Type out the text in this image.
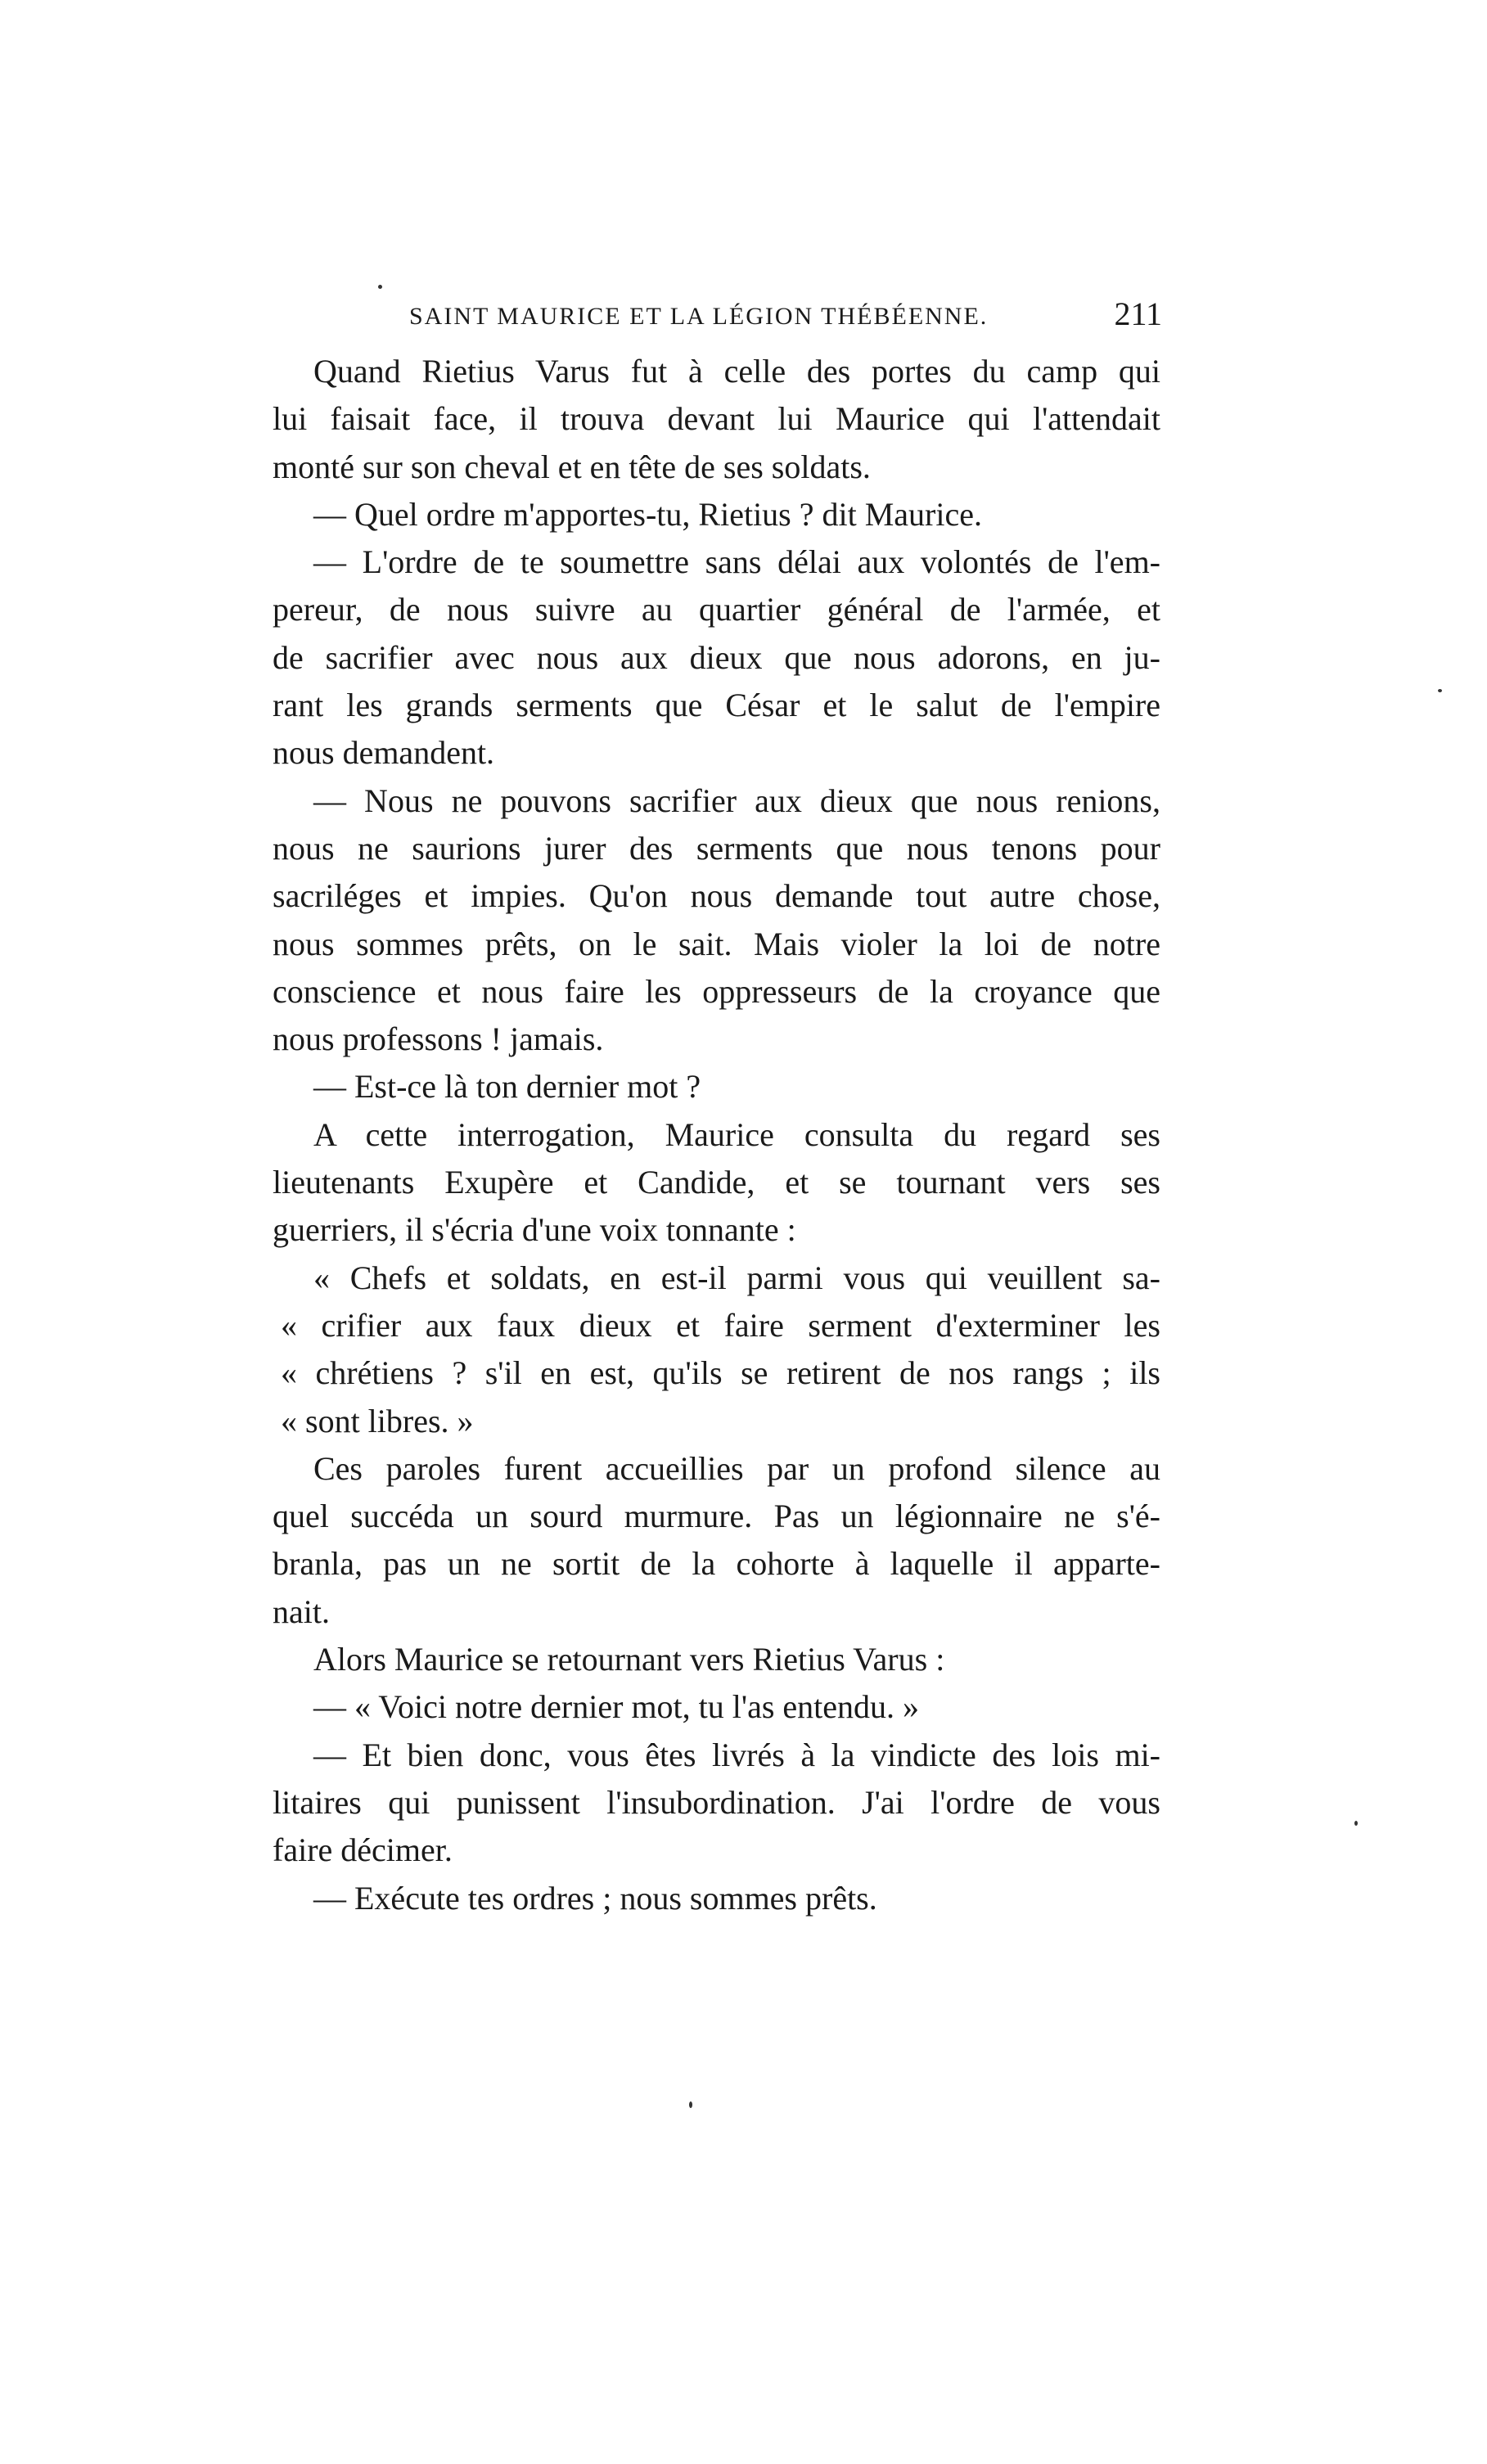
SAINT MAURICE ET LA LÉGION THÉBÉENNE.	211
Quand Rietius Varus fut à celle des portes du camp qui
lui faisait face, il trouva devant lui Maurice qui l'attendait
monté sur son cheval et en tête de ses soldats.
— Quel ordre m'apportes-tu, Rietius ? dit Maurice.
— L'ordre de te soumettre sans délai aux volontés de l'em-
pereur, de nous suivre au quartier général de l'armée, et
de sacrifier avec nous aux dieux que nous adorons, en ju-
rant les grands serments que César et le salut de l'empire
nous demandent.
— Nous ne pouvons sacrifier aux dieux que nous renions,
nous ne saurions jurer des serments que nous tenons pour
sacriléges et impies. Qu'on nous demande tout autre chose,
nous sommes prêts, on le sait. Mais violer la loi de notre
conscience et nous faire les oppresseurs de la croyance que
nous professons ! jamais.
— Est-ce là ton dernier mot ?
A cette interrogation, Maurice consulta du regard ses
lieutenants Exupère et Candide, et se tournant vers ses
guerriers, il s'écria d'une voix tonnante :
« Chefs et soldats, en est-il parmi vous qui veuillent sa-
« crifier aux faux dieux et faire serment d'exterminer les
« chrétiens ? s'il en est, qu'ils se retirent de nos rangs ; ils
« sont libres. »
Ces paroles furent accueillies par un profond silence au
quel succéda un sourd murmure. Pas un légionnaire ne s'é-
branla, pas un ne sortit de la cohorte à laquelle il apparte-
nait.
Alors Maurice se retournant vers Rietius Varus :
— « Voici notre dernier mot, tu l'as entendu. »
— Et bien donc, vous êtes livrés à la vindicte des lois mi-
litaires qui punissent l'insubordination. J'ai l'ordre de vous
faire décimer.
— Exécute tes ordres ; nous sommes prêts.
